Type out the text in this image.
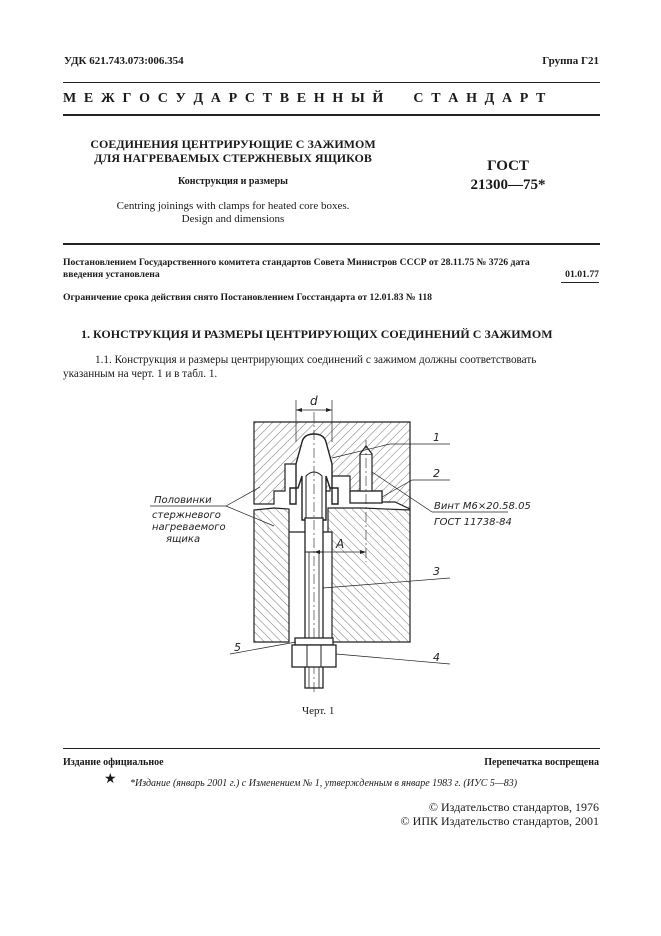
УДК 621.743.073:006.354	Группа Г21
М Е Ж Г О С У Д А Р С Т В Е Н Н Ы Й     С Т А Н Д А Р Т
СОЕДИНЕНИЯ ЦЕНТРИРУЮЩИЕ С ЗАЖИМОМ
ДЛЯ НАГРЕВАЕМЫХ СТЕРЖНЕВЫХ ЯЩИКОВ
Конструкция и размеры
Centring joinings with clamps for heated core boxes.
Design and dimensions
ГОСТ
21300—75*
Постановлением Государственного комитета стандартов Совета Министров СССР от 28.11.75 № 3726 дата
введения установлена	01.01.77
Ограничение срока действия снято Постановлением Госстандарта от 12.01.83 № 118
1. КОНСТРУКЦИЯ И РАЗМЕРЫ ЦЕНТРИРУЮЩИХ СОЕДИНЕНИЙ С ЗАЖИМОМ
1.1. Конструкция и размеры центрирующих соединений с зажимом должны соответствовать
указанным на черт. 1 и в табл. 1.
d
A
1
2
3
4
5
Винт М6×20.58.05
ГОСТ 11738-84
Половинки
стержневого
нагреваемого
ящика
Черт. 1
Издание официальное	Перепечатка воспрещена
★ *Издание (январь 2001 г.) с Изменением № 1, утвержденным в январе 1983 г. (ИУС 5—83)
© Издательство стандартов, 1976
© ИПК Издательство стандартов, 2001
